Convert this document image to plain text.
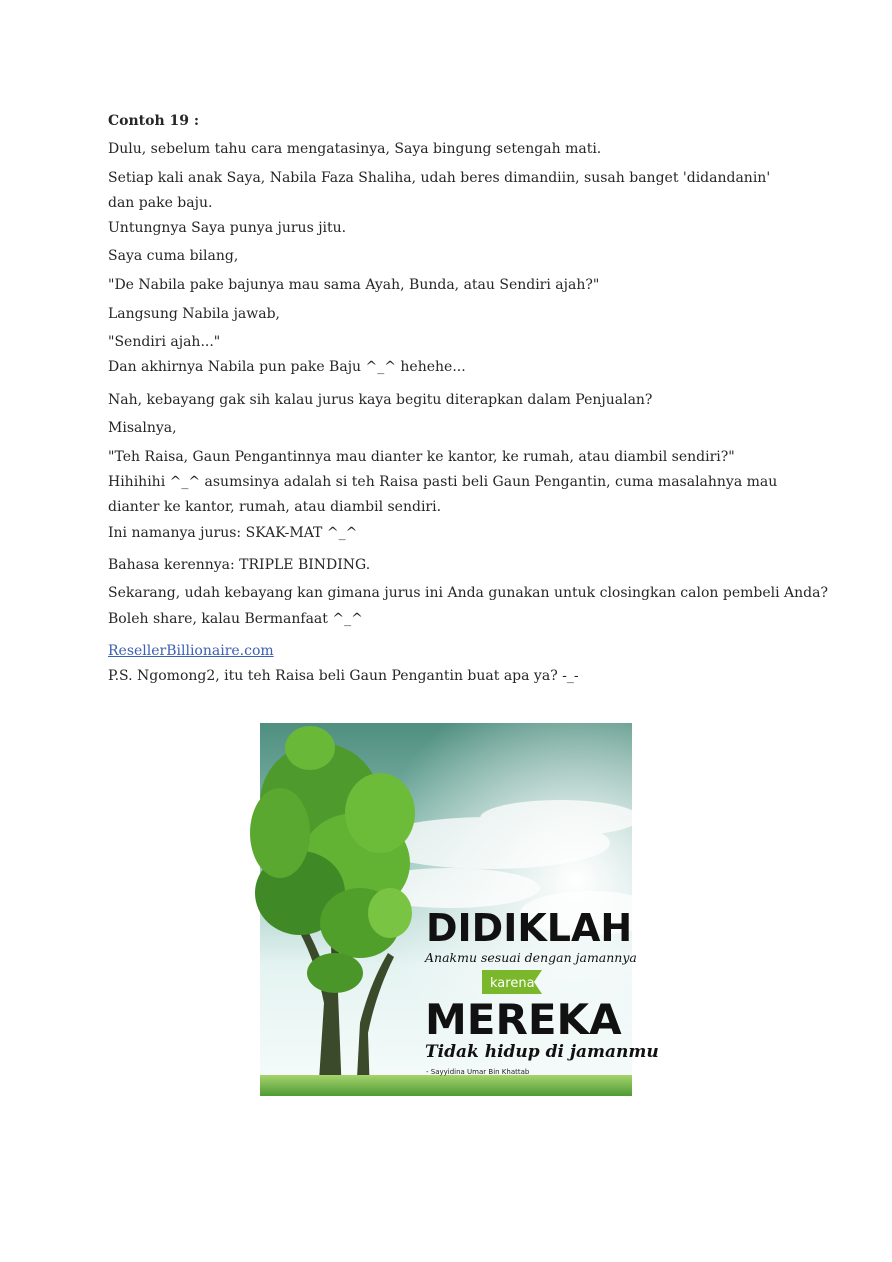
Contoh 19 :
Dulu, sebelum tahu cara mengatasinya, Saya bingung setengah mati.
Setiap kali anak Saya, Nabila Faza Shaliha, udah beres dimandiin, susah banget 'didandanin' dan pake baju.
Untungnya Saya punya jurus jitu.
Saya cuma bilang,
"De Nabila pake bajunya mau sama Ayah, Bunda, atau Sendiri ajah?"
Langsung Nabila jawab,
"Sendiri ajah..."
Dan akhirnya Nabila pun pake Baju ^_^ hehehe...
Nah, kebayang gak sih kalau jurus kaya begitu diterapkan dalam Penjualan?
Misalnya,
"Teh Raisa, Gaun Pengantinnya mau dianter ke kantor, ke rumah, atau diambil sendiri?"
Hihihihi ^_^ asumsinya adalah si teh Raisa pasti beli Gaun Pengantin, cuma masalahnya mau dianter ke kantor, rumah, atau diambil sendiri.
Ini namanya jurus: SKAK-MAT ^_^
Bahasa kerennya: TRIPLE BINDING.
Sekarang, udah kebayang kan gimana jurus ini Anda gunakan untuk closingkan calon pembeli Anda?
Boleh share, kalau Bermanfaat ^_^
ResellerBillionaire.com
P.S. Ngomong2, itu teh Raisa beli Gaun Pengantin buat apa ya? -_-
DIDIKLAH
Anakmu sesuai dengan jamannya
karena
MEREKA
Tidak hidup di jamanmu
- Sayyidina Umar Bin Khattab
